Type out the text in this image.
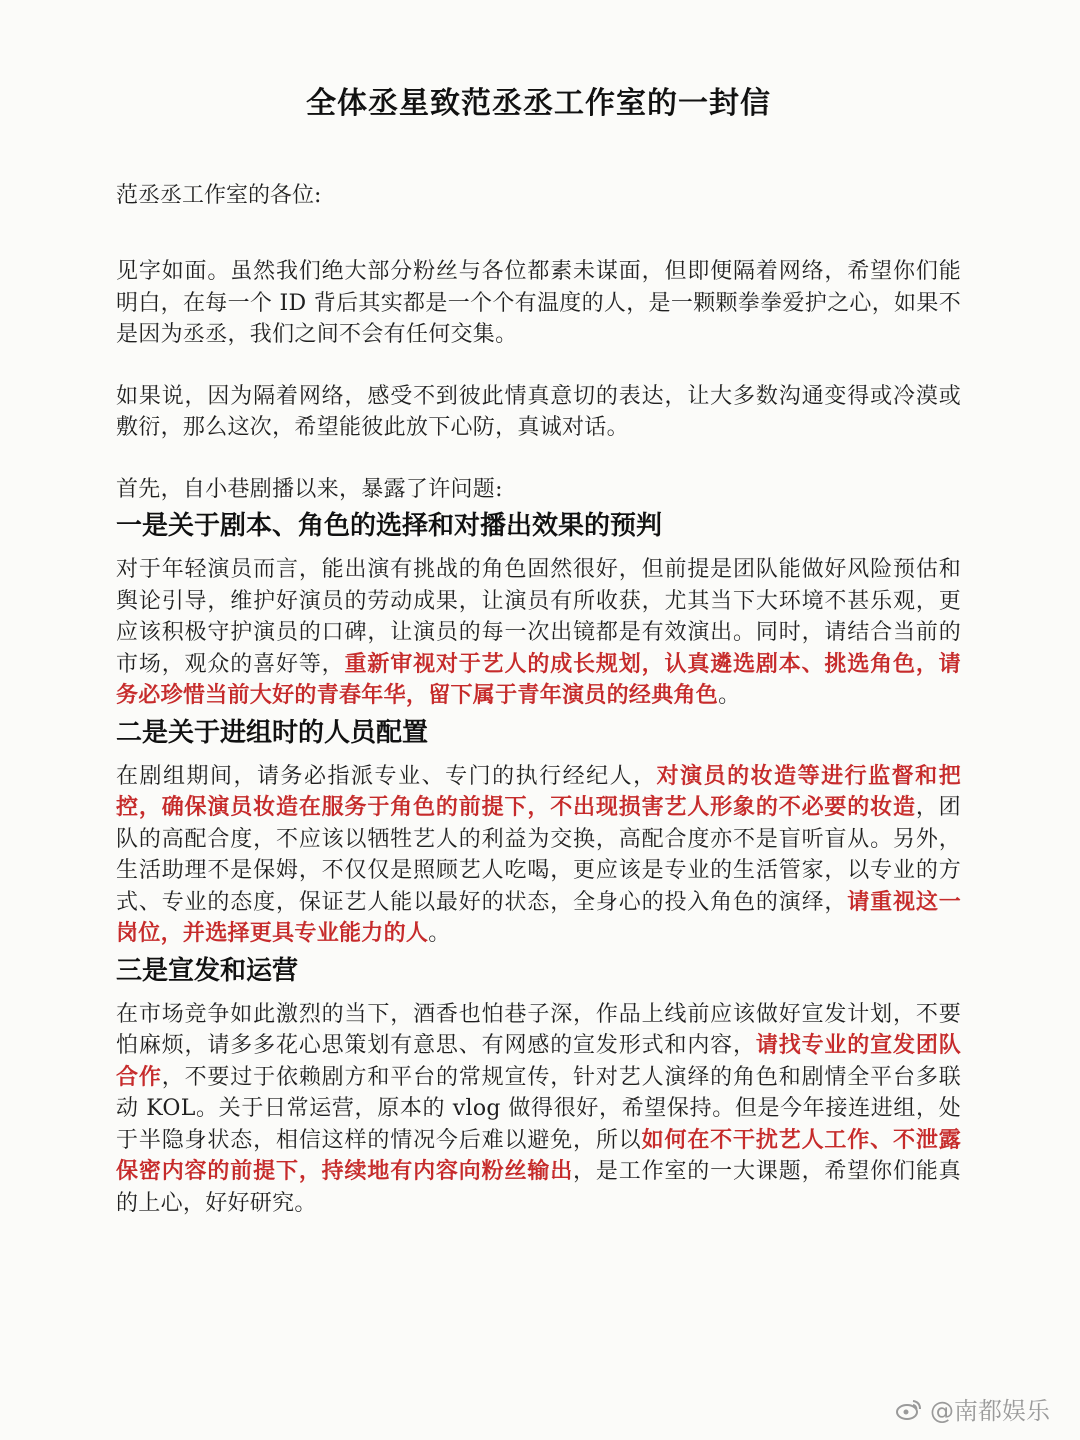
全体丞星致范丞丞工作室的一封信
范丞丞工作室的各位:

见字如面。虽然我们绝大部分粉丝与各位都素未谋面，但即便隔着网络，希望你们能明白，在每一个 ID 背后其实都是一个个有温度的人，是一颗颗拳拳爱护之心，如果不是因为丞丞，我们之间不会有任何交集。

如果说，因为隔着网络，感受不到彼此情真意切的表达，让大多数沟通变得或冷漠或敷衍，那么这次，希望能彼此放下心防，真诚对话。

首先，自小巷剧播以来，暴露了许问题:

一是关于剧本、角色的选择和对播出效果的预判

对于年轻演员而言，能出演有挑战的角色固然很好，但前提是团队能做好风险预估和舆论引导，维护好演员的劳动成果，让演员有所收获，尤其当下大环境不甚乐观，更应该积极守护演员的口碑，让演员的每一次出镜都是有效演出。同时，请结合当前的市场，观众的喜好等，重新审视对于艺人的成长规划，认真遴选剧本、挑选角色，请务必珍惜当前大好的青春年华，留下属于青年演员的经典角色。

二是关于进组时的人员配置

在剧组期间，请务必指派专业、专门的执行经纪人，对演员的妆造等进行监督和把控，确保演员妆造在服务于角色的前提下，不出现损害艺人形象的不必要的妆造，团队的高配合度，不应该以牺牲艺人的利益为交换，高配合度亦不是盲听盲从。另外，生活助理不是保姆，不仅仅是照顾艺人吃喝，更应该是专业的生活管家，以专业的方式、专业的态度，保证艺人能以最好的状态，全身心的投入角色的演绎，请重视这一岗位，并选择更具专业能力的人。

三是宣发和运营

在市场竞争如此激烈的当下，酒香也怕巷子深，作品上线前应该做好宣发计划，不要怕麻烦，请多多花心思策划有意思、有网感的宣发形式和内容，请找专业的宣发团队合作，不要过于依赖剧方和平台的常规宣传，针对艺人演绎的角色和剧情全平台多联动 KOL。关于日常运营，原本的 vlog 做得很好，希望保持。但是今年接连进组，处于半隐身状态，相信这样的情况今后难以避免，所以如何在不干扰艺人工作、不泄露保密内容的前提下，持续地有内容向粉丝输出，是工作室的一大课题，希望你们能真的上心，好好研究。

@南都娱乐
